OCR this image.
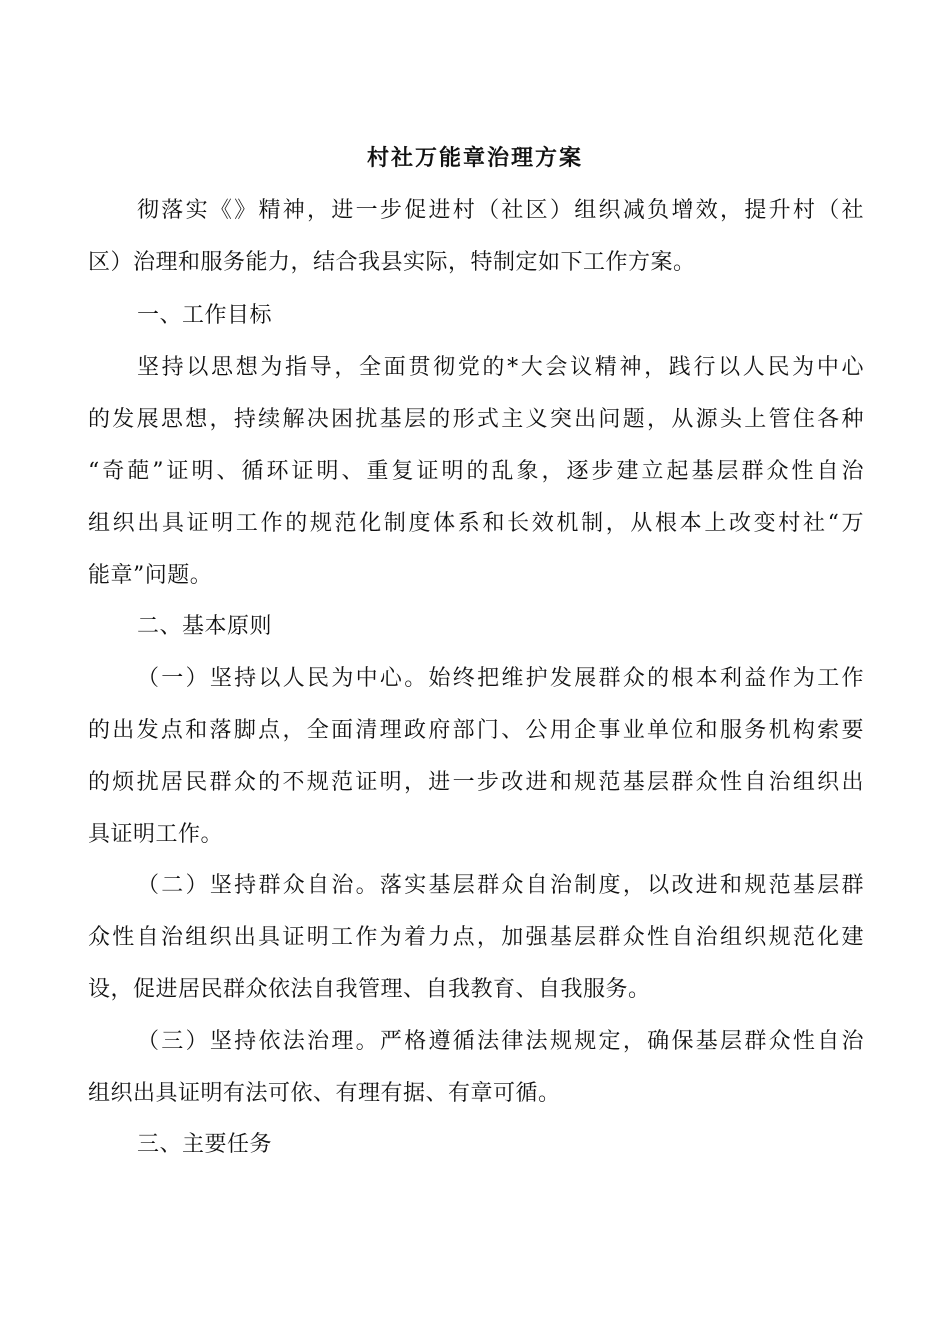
村社万能章治理方案

彻落实《》精神，进一步促进村（社区）组织减负增效，提升村（社

区）治理和服务能力，结合我县实际，特制定如下工作方案。

一、工作目标

坚持以思想为指导，全面贯彻党的*大会议精神，践行以人民为中心

的发展思想，持续解决困扰基层的形式主义突出问题，从源头上管住各种

“奇葩”证明、循环证明、重复证明的乱象，逐步建立起基层群众性自治

组织出具证明工作的规范化制度体系和长效机制，从根本上改变村社“万

能章”问题。

二、基本原则

（一）坚持以人民为中心。始终把维护发展群众的根本利益作为工作

的出发点和落脚点，全面清理政府部门、公用企事业单位和服务机构索要

的烦扰居民群众的不规范证明，进一步改进和规范基层群众性自治组织出

具证明工作。

（二）坚持群众自治。落实基层群众自治制度，以改进和规范基层群

众性自治组织出具证明工作为着力点，加强基层群众性自治组织规范化建

设，促进居民群众依法自我管理、自我教育、自我服务。

（三）坚持依法治理。严格遵循法律法规规定，确保基层群众性自治

组织出具证明有法可依、有理有据、有章可循。

三、主要任务
